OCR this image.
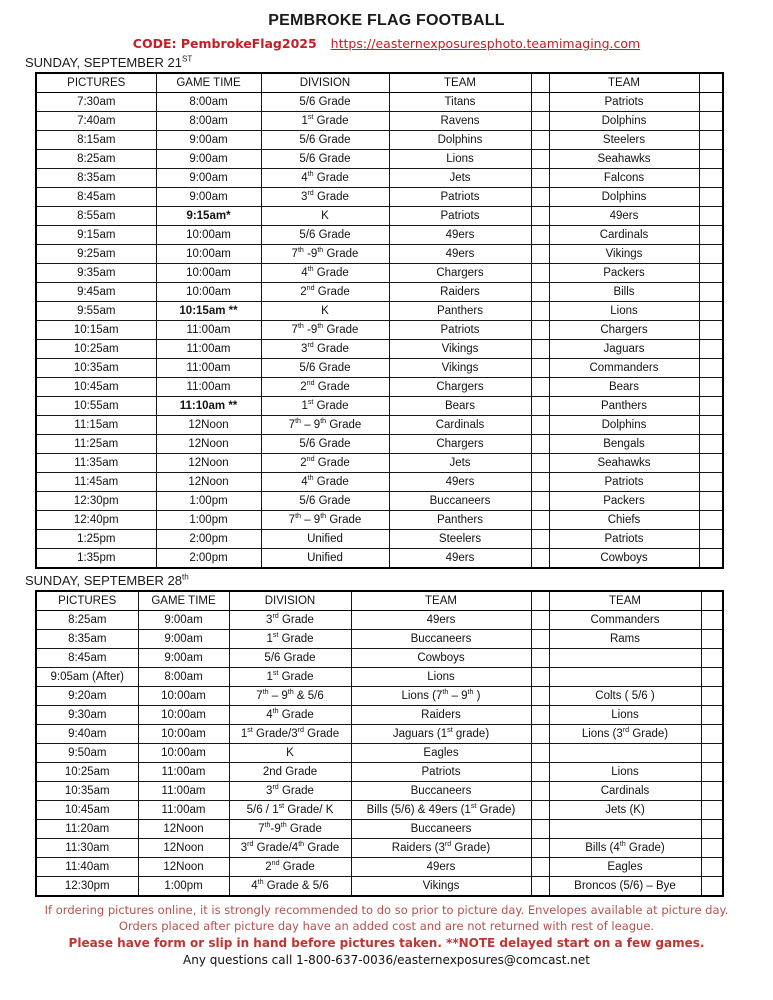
PEMBROKE FLAG FOOTBALL
CODE: PembrokeFlag2025 https://easternexposuresphoto.teamimaging.com
SUNDAY, SEPTEMBER 21ST
PICTURES	GAME TIME	DIVISION	TEAM		TEAM	
7:30am	8:00am	5/6 Grade	Titans		Patriots	
7:40am	8:00am	1st Grade	Ravens		Dolphins	
8:15am	9:00am	5/6 Grade	Dolphins		Steelers	
8:25am	9:00am	5/6 Grade	Lions		Seahawks	
8:35am	9:00am	4th Grade	Jets		Falcons	
8:45am	9:00am	3rd Grade	Patriots		Dolphins	
8:55am	9:15am*	K	Patriots		49ers	
9:15am	10:00am	5/6 Grade	49ers		Cardinals	
9:25am	10:00am	7th -9th Grade	49ers		Vikings	
9:35am	10:00am	4th Grade	Chargers		Packers	
9:45am	10:00am	2nd Grade	Raiders		Bills	
9:55am	10:15am **	K	Panthers		Lions	
10:15am	11:00am	7th -9th Grade	Patriots		Chargers	
10:25am	11:00am	3rd Grade	Vikings		Jaguars	
10:35am	11:00am	5/6 Grade	Vikings		Commanders	
10:45am	11:00am	2nd Grade	Chargers		Bears	
10:55am	11:10am **	1st Grade	Bears		Panthers	
11:15am	12Noon	7th – 9th Grade	Cardinals		Dolphins	
11:25am	12Noon	5/6 Grade	Chargers		Bengals	
11:35am	12Noon	2nd Grade	Jets		Seahawks	
11:45am	12Noon	4th Grade	49ers		Patriots	
12:30pm	1:00pm	5/6 Grade	Buccaneers		Packers	
12:40pm	1:00pm	7th – 9th Grade	Panthers		Chiefs	
1:25pm	2:00pm	Unified	Steelers		Patriots	
1:35pm	2:00pm	Unified	49ers		Cowboys	
SUNDAY, SEPTEMBER 28th
PICTURES	GAME TIME	DIVISION	TEAM		TEAM	
8:25am	9:00am	3rd Grade	49ers		Commanders	
8:35am	9:00am	1st Grade	Buccaneers		Rams	
8:45am	9:00am	5/6 Grade	Cowboys			
9:05am (After)	8:00am	1st Grade	Lions			
9:20am	10:00am	7th – 9th & 5/6	Lions (7th – 9th )		Colts ( 5/6 )	
9:30am	10:00am	4th Grade	Raiders		Lions	
9:40am	10:00am	1st Grade/3rd Grade	Jaguars (1st grade)		Lions (3rd Grade)	
9:50am	10:00am	K	Eagles			
10:25am	11:00am	2nd Grade	Patriots		Lions	
10:35am	11:00am	3rd Grade	Buccaneers		Cardinals	
10:45am	11:00am	5/6 / 1st Grade/ K	Bills (5/6) & 49ers (1st Grade)		Jets (K)	
11:20am	12Noon	7th-9th Grade	Buccaneers			
11:30am	12Noon	3rd Grade/4th Grade	Raiders (3rd Grade)		Bills (4th Grade)	
11:40am	12Noon	2nd Grade	49ers		Eagles	
12:30pm	1:00pm	4th Grade & 5/6	Vikings		Broncos (5/6) – Bye	

If ordering pictures online, it is strongly recommended to do so prior to picture day. Envelopes available at picture day.

Orders placed after picture day have an added cost and are not returned with rest of league.

Please have form or slip in hand before pictures taken. **NOTE delayed start on a few games.

Any questions call 1-800-637-0036/easternexposures@comcast.net
